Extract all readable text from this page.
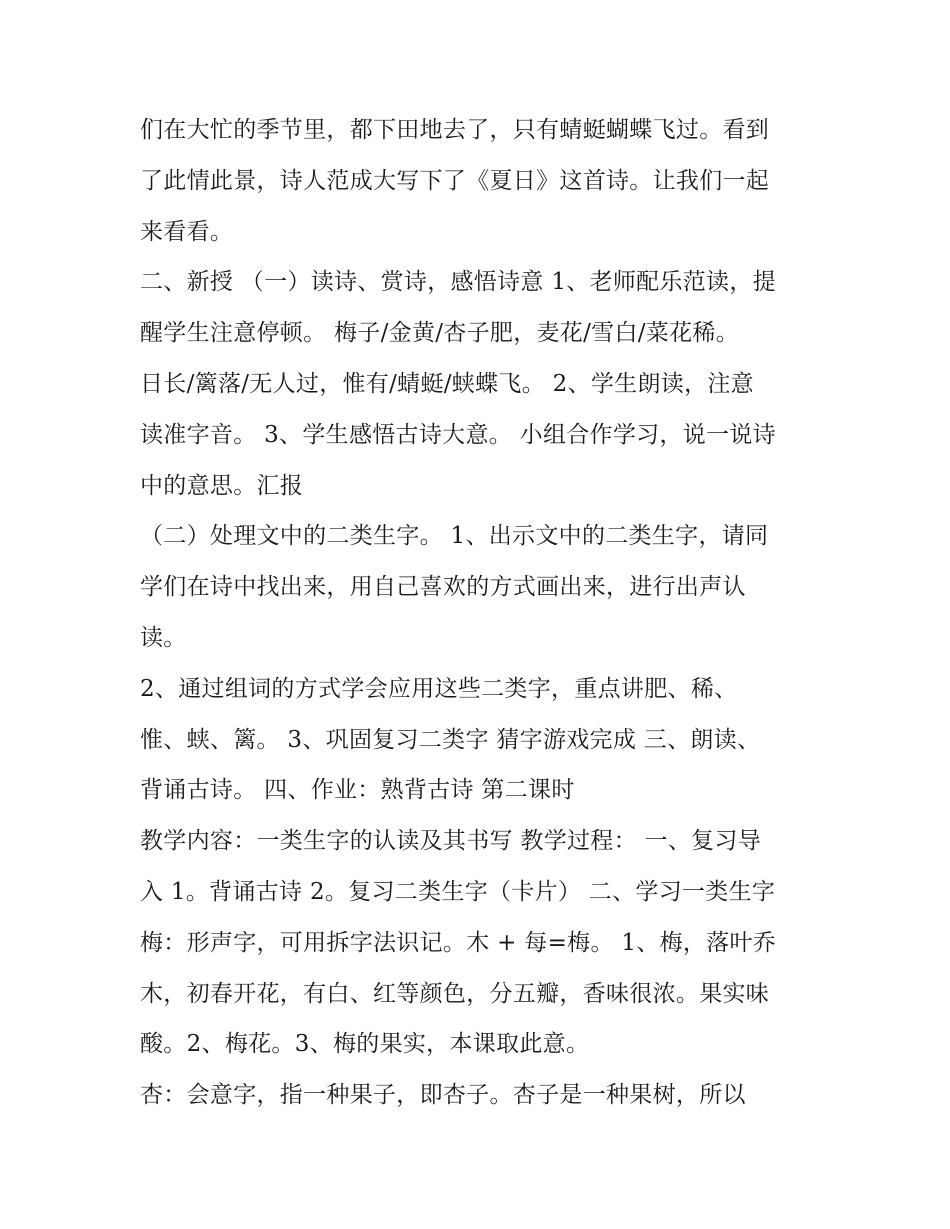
们在大忙的季节里，都下田地去了，只有蜻蜓蝴蝶飞过。看到
了此情此景，诗人范成大写下了《夏日》这首诗。让我们一起
来看看。
二、新授 （一）读诗、赏诗，感悟诗意 1、老师配乐范读，提
醒学生注意停顿。 梅子/金黄/杏子肥，麦花/雪白/菜花稀。
日长/篱落/无人过，惟有/蜻蜓/蛱蝶飞。 2、学生朗读，注意
读准字音。 3、学生感悟古诗大意。 小组合作学习，说一说诗
中的意思。汇报
（二）处理文中的二类生字。 1、出示文中的二类生字，请同
学们在诗中找出来，用自己喜欢的方式画出来，进行出声认
读。
2、通过组词的方式学会应用这些二类字，重点讲肥、稀、
惟、蛱、篱。 3、巩固复习二类字 猜字游戏完成 三、朗读、
背诵古诗。 四、作业：熟背古诗 第二课时
教学内容：一类生字的认读及其书写 教学过程： 一、复习导
入 1。背诵古诗 2。复习二类生字（卡片） 二、学习一类生字
梅：形声字，可用拆字法识记。木 + 每=梅。 1、梅，落叶乔
木，初春开花，有白、红等颜色，分五瓣，香味很浓。果实味
酸。2、梅花。3、梅的果实，本课取此意。
杏：会意字，指一种果子，即杏子。杏子是一种果树，所以
